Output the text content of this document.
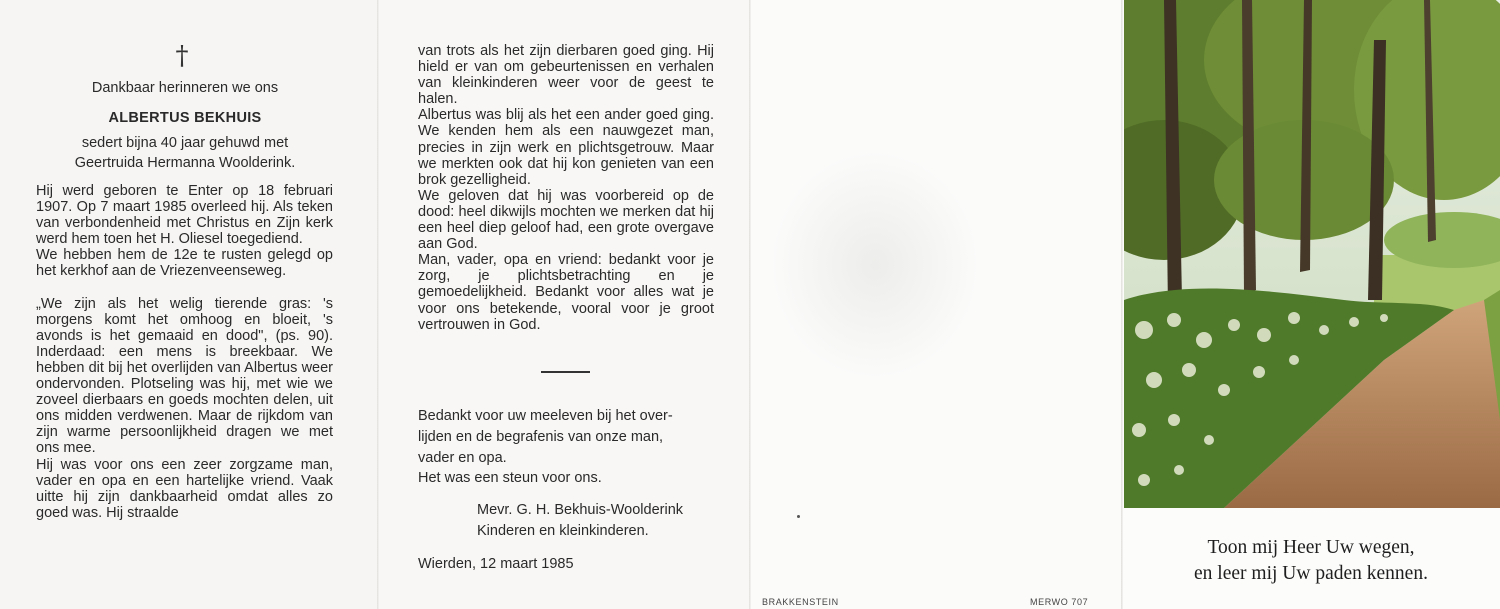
†
Dankbaar herinneren we ons
ALBERTUS BEKHUIS
sedert bijna 40 jaar gehuwd met
Geertruida Hermanna Woolderink.

Hij werd geboren te Enter op 18 februari 1907. Op 7 maart 1985 overleed hij. Als teken van verbondenheid met Christus en Zijn kerk werd hem toen het H. Oliesel toegediend.

We hebben hem de 12e te rusten gelegd op het kerkhof aan de Vriezenveenseweg.

„We zijn als het welig tierende gras: 's morgens komt het omhoog en bloeit, 's avonds is het gemaaid en dood", (ps. 90). Inderdaad: een mens is breekbaar. We hebben dit bij het overlijden van Albertus weer ondervonden. Plotseling was hij, met wie we zoveel dierbaars en goeds mochten delen, uit ons midden verdwenen. Maar de rijkdom van zijn warme persoonlijkheid dragen we met ons mee.

Hij was voor ons een zeer zorgzame man, vader en opa en een hartelijke vriend. Vaak uitte hij zijn dankbaarheid omdat alles zo goed was. Hij straalde

van trots als het zijn dierbaren goed ging. Hij hield er van om gebeurtenissen en verhalen van kleinkinderen weer voor de geest te halen.

Albertus was blij als het een ander goed ging. We kenden hem als een nauwgezet man, precies in zijn werk en plichtsgetrouw. Maar we merkten ook dat hij kon genieten van een brok gezelligheid.

We geloven dat hij was voorbereid op de dood: heel dikwijls mochten we merken dat hij een heel diep geloof had, een grote overgave aan God.

Man, vader, opa en vriend: bedankt voor je zorg, je plichtsbetrachting en je gemoedelijkheid. Bedankt voor alles wat je voor ons betekende, vooral voor je groot vertrouwen in God.

Bedankt voor uw meeleven bij het over-
lijden en de begrafenis van onze man,
vader en opa.
Het was een steun voor ons.
Mevr. G. H. Bekhuis-Woolderink
Kinderen en kleinkinderen.
Wierden, 12 maart 1985
BRAKKENSTEIN	MERWO 707
Toon mij Heer Uw wegen,
en leer mij Uw paden kennen.
